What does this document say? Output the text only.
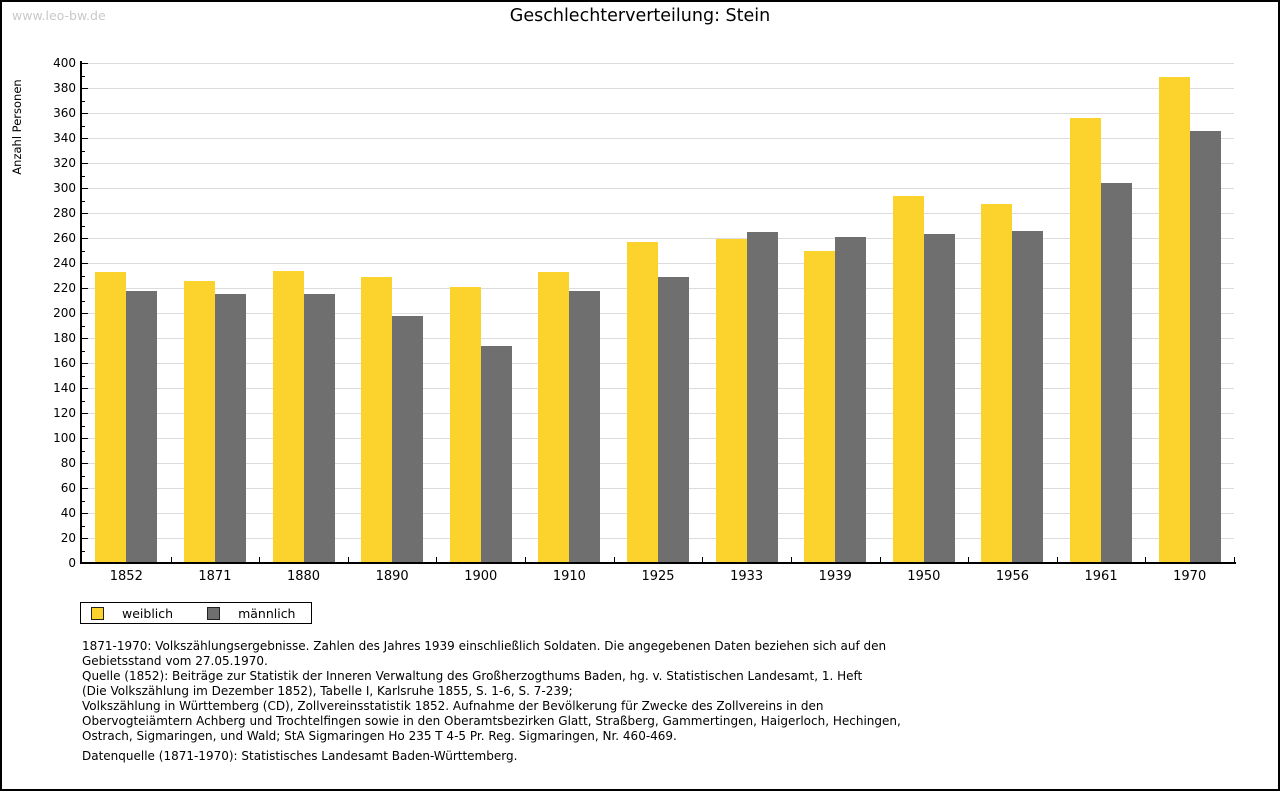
www.leo-bw.de	Geschlechterverteilung: Stein
Anzahl Personen
0
20
40
60
80
100
120
140
160
180
200
220
240
260
280
300
320
340
360
380
400
1852	1871	1880	1890	1900	1910	1925	1933	1939	1950	1956	1961	1970
weiblich	männlich
1871-1970: Volkszählungsergebnisse. Zahlen des Jahres 1939 einschließlich Soldaten. Die angegebenen Daten beziehen sich auf den
Gebietsstand vom 27.05.1970.
Quelle (1852): Beiträge zur Statistik der Inneren Verwaltung des Großherzogthums Baden, hg. v. Statistischen Landesamt, 1. Heft
(Die Volkszählung im Dezember 1852), Tabelle I, Karlsruhe 1855, S. 1-6, S. 7-239;
Volkszählung in Württemberg (CD), Zollvereinsstatistik 1852. Aufnahme der Bevölkerung für Zwecke des Zollvereins in den
Obervogteiämtern Achberg und Trochtelfingen sowie in den Oberamtsbezirken Glatt, Straßberg, Gammertingen, Haigerloch, Hechingen,
Ostrach, Sigmaringen, und Wald; StA Sigmaringen Ho 235 T 4-5 Pr. Reg. Sigmaringen, Nr. 460-469.
Datenquelle (1871-1970): Statistisches Landesamt Baden-Württemberg.
